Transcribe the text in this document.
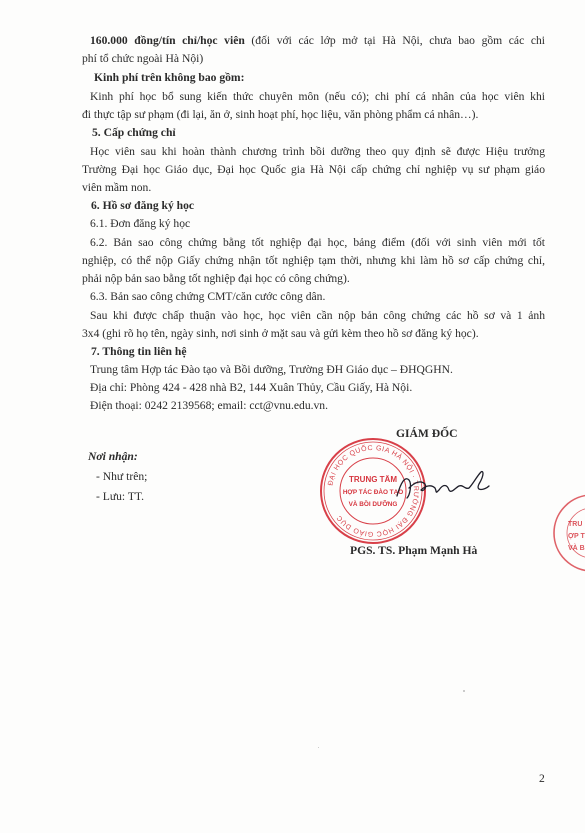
160.000 đồng/tín chỉ/học viên (đối với các lớp mở tại Hà Nội, chưa bao gồm các chi

phí tổ chức ngoài Hà Nội)

Kinh phí trên không bao gồm:

Kinh phí học bổ sung kiến thức chuyên môn (nếu có); chi phí cá nhân của học viên khi

đi thực tập sư phạm (đi lại, ăn ở, sinh hoạt phí, học liệu, văn phòng phẩm cá nhân…).

5. Cấp chứng chỉ

Học viên sau khi hoàn thành chương trình bồi dưỡng theo quy định sẽ được Hiệu trưởng

Trường Đại học Giáo dục, Đại học Quốc gia Hà Nội cấp chứng chỉ nghiệp vụ sư phạm giáo

viên mầm non.

6. Hồ sơ đăng ký học

6.1. Đơn đăng ký học

6.2. Bản sao công chứng bằng tốt nghiệp đại học, bảng điểm (đối với sinh viên mới tốt

nghiệp, có thể nộp Giấy chứng nhận tốt nghiệp tạm thời, nhưng khi làm hồ sơ cấp chứng chỉ,

phải nộp bản sao bằng tốt nghiệp đại học có công chứng).

6.3. Bản sao công chứng CMT/căn cước công dân.

Sau khi được chấp thuận vào học, học viên cần nộp bản công chứng các hồ sơ và 1 ảnh

3x4 (ghi rõ họ tên, ngày sinh, nơi sinh ở mặt sau và gửi kèm theo hồ sơ đăng ký học).

7. Thông tin liên hệ

Trung tâm Hợp tác Đào tạo và Bồi dưỡng, Trường ĐH Giáo dục – ĐHQGHN.

Địa chỉ: Phòng 424 - 428 nhà B2, 144 Xuân Thủy, Cầu Giấy, Hà Nội.

Điện thoại: 0242 2139568; email: cct@vnu.edu.vn.

GIÁM ĐỐC
Nơi nhận:
- Như trên;
- Lưu: TT.
ĐẠI HỌC QUỐC GIA HÀ NỘI · TRƯỜNG ĐẠI HỌC GIÁO DỤC
TRUNG TÂM
HỢP TÁC ĐÀO TẠO
VÀ BỒI DƯỠNG
TRU
ỢP T
VÀ B
PGS. TS. Phạm Mạnh Hà
2
